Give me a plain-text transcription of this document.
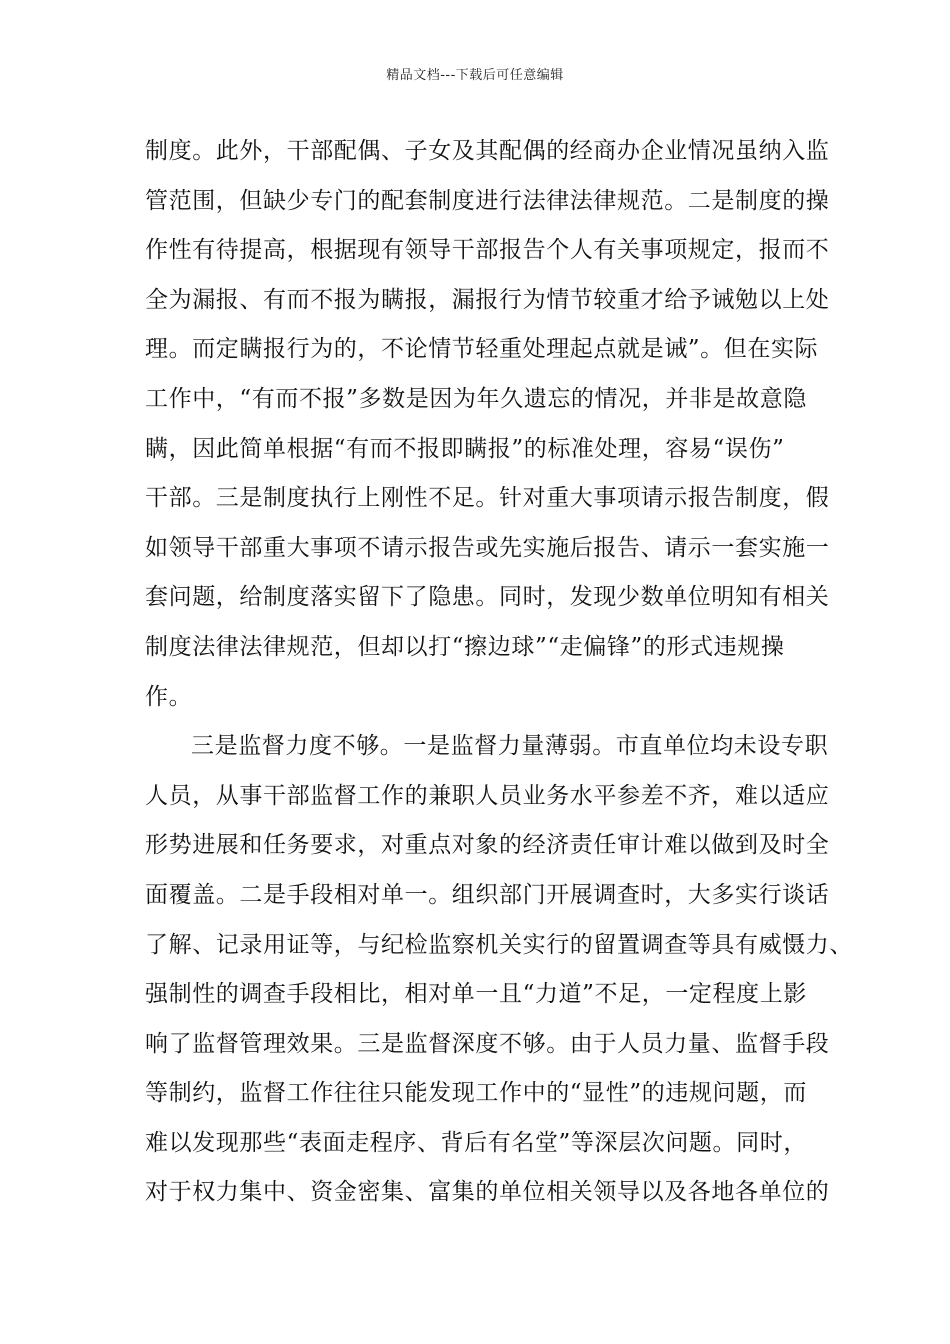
精品文档---下载后可任意编辑
制度。此外，干部配偶、子女及其配偶的经商办企业情况虽纳入监
管范围，但缺少专门的配套制度进行法律法律规范。二是制度的操
作性有待提高，根据现有领导干部报告个人有关事项规定，报而不
全为漏报、有而不报为瞒报，漏报行为情节较重才给予诫勉以上处
理。而定瞒报行为的，不论情节轻重处理起点就是诫”。但在实际
工作中，“有而不报”多数是因为年久遗忘的情况，并非是故意隐
瞒，因此简单根据“有而不报即瞒报”的标准处理，容易“误伤”
干部。三是制度执行上刚性不足。针对重大事项请示报告制度，假
如领导干部重大事项不请示报告或先实施后报告、请示一套实施一
套问题，给制度落实留下了隐患。同时，发现少数单位明知有相关
制度法律法律规范，但却以打“擦边球”“走偏锋”的形式违规操
作。
三是监督力度不够。一是监督力量薄弱。市直单位均未设专职
人员，从事干部监督工作的兼职人员业务水平参差不齐，难以适应
形势进展和任务要求，对重点对象的经济责任审计难以做到及时全
面覆盖。二是手段相对单一。组织部门开展调查时，大多实行谈话
了解、记录用证等，与纪检监察机关实行的留置调查等具有威慑力、
强制性的调查手段相比，相对单一且“力道”不足，一定程度上影
响了监督管理效果。三是监督深度不够。由于人员力量、监督手段
等制约，监督工作往往只能发现工作中的“显性”的违规问题，而
难以发现那些“表面走程序、背后有名堂”等深层次问题。同时，
对于权力集中、资金密集、富集的单位相关领导以及各地各单位的
